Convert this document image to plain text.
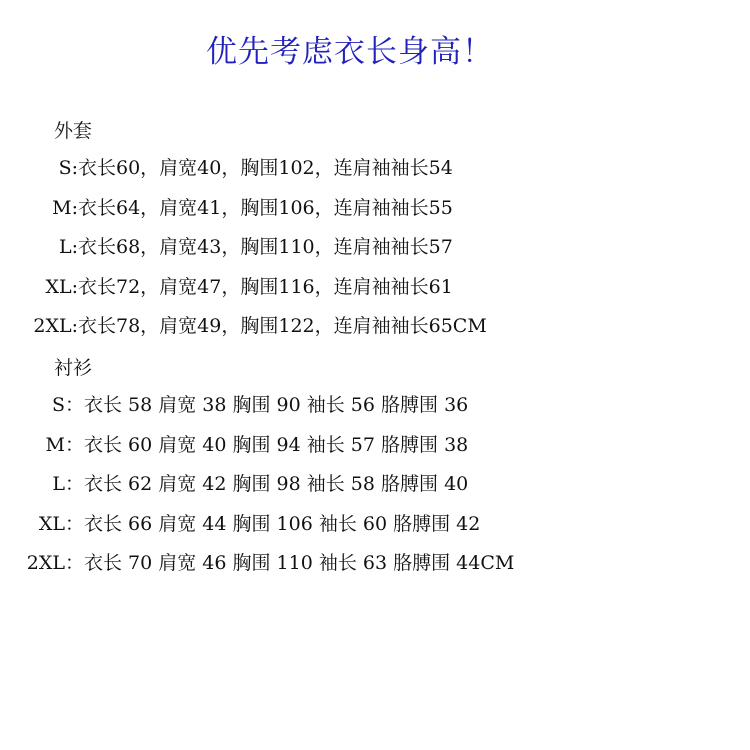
优先考虑衣长身高！
外套
S: 衣长60，肩宽40，胸围102，连肩袖袖长54
M: 衣长64，肩宽41，胸围106，连肩袖袖长55
L: 衣长68，肩宽43，胸围110，连肩袖袖长57
XL: 衣长72，肩宽47，胸围116，连肩袖袖长61
2XL: 衣长78，肩宽49，胸围122，连肩袖袖长65CM
衬衫
S： 衣长 58 肩宽 38 胸围 90 袖长 56 胳膊围 36
M： 衣长 60 肩宽 40 胸围 94 袖长 57 胳膊围 38
L： 衣长 62 肩宽 42 胸围 98 袖长 58 胳膊围 40
XL： 衣长 66 肩宽 44 胸围 106 袖长 60 胳膊围 42
2XL： 衣长 70 肩宽 46 胸围 110 袖长 63 胳膊围 44CM
